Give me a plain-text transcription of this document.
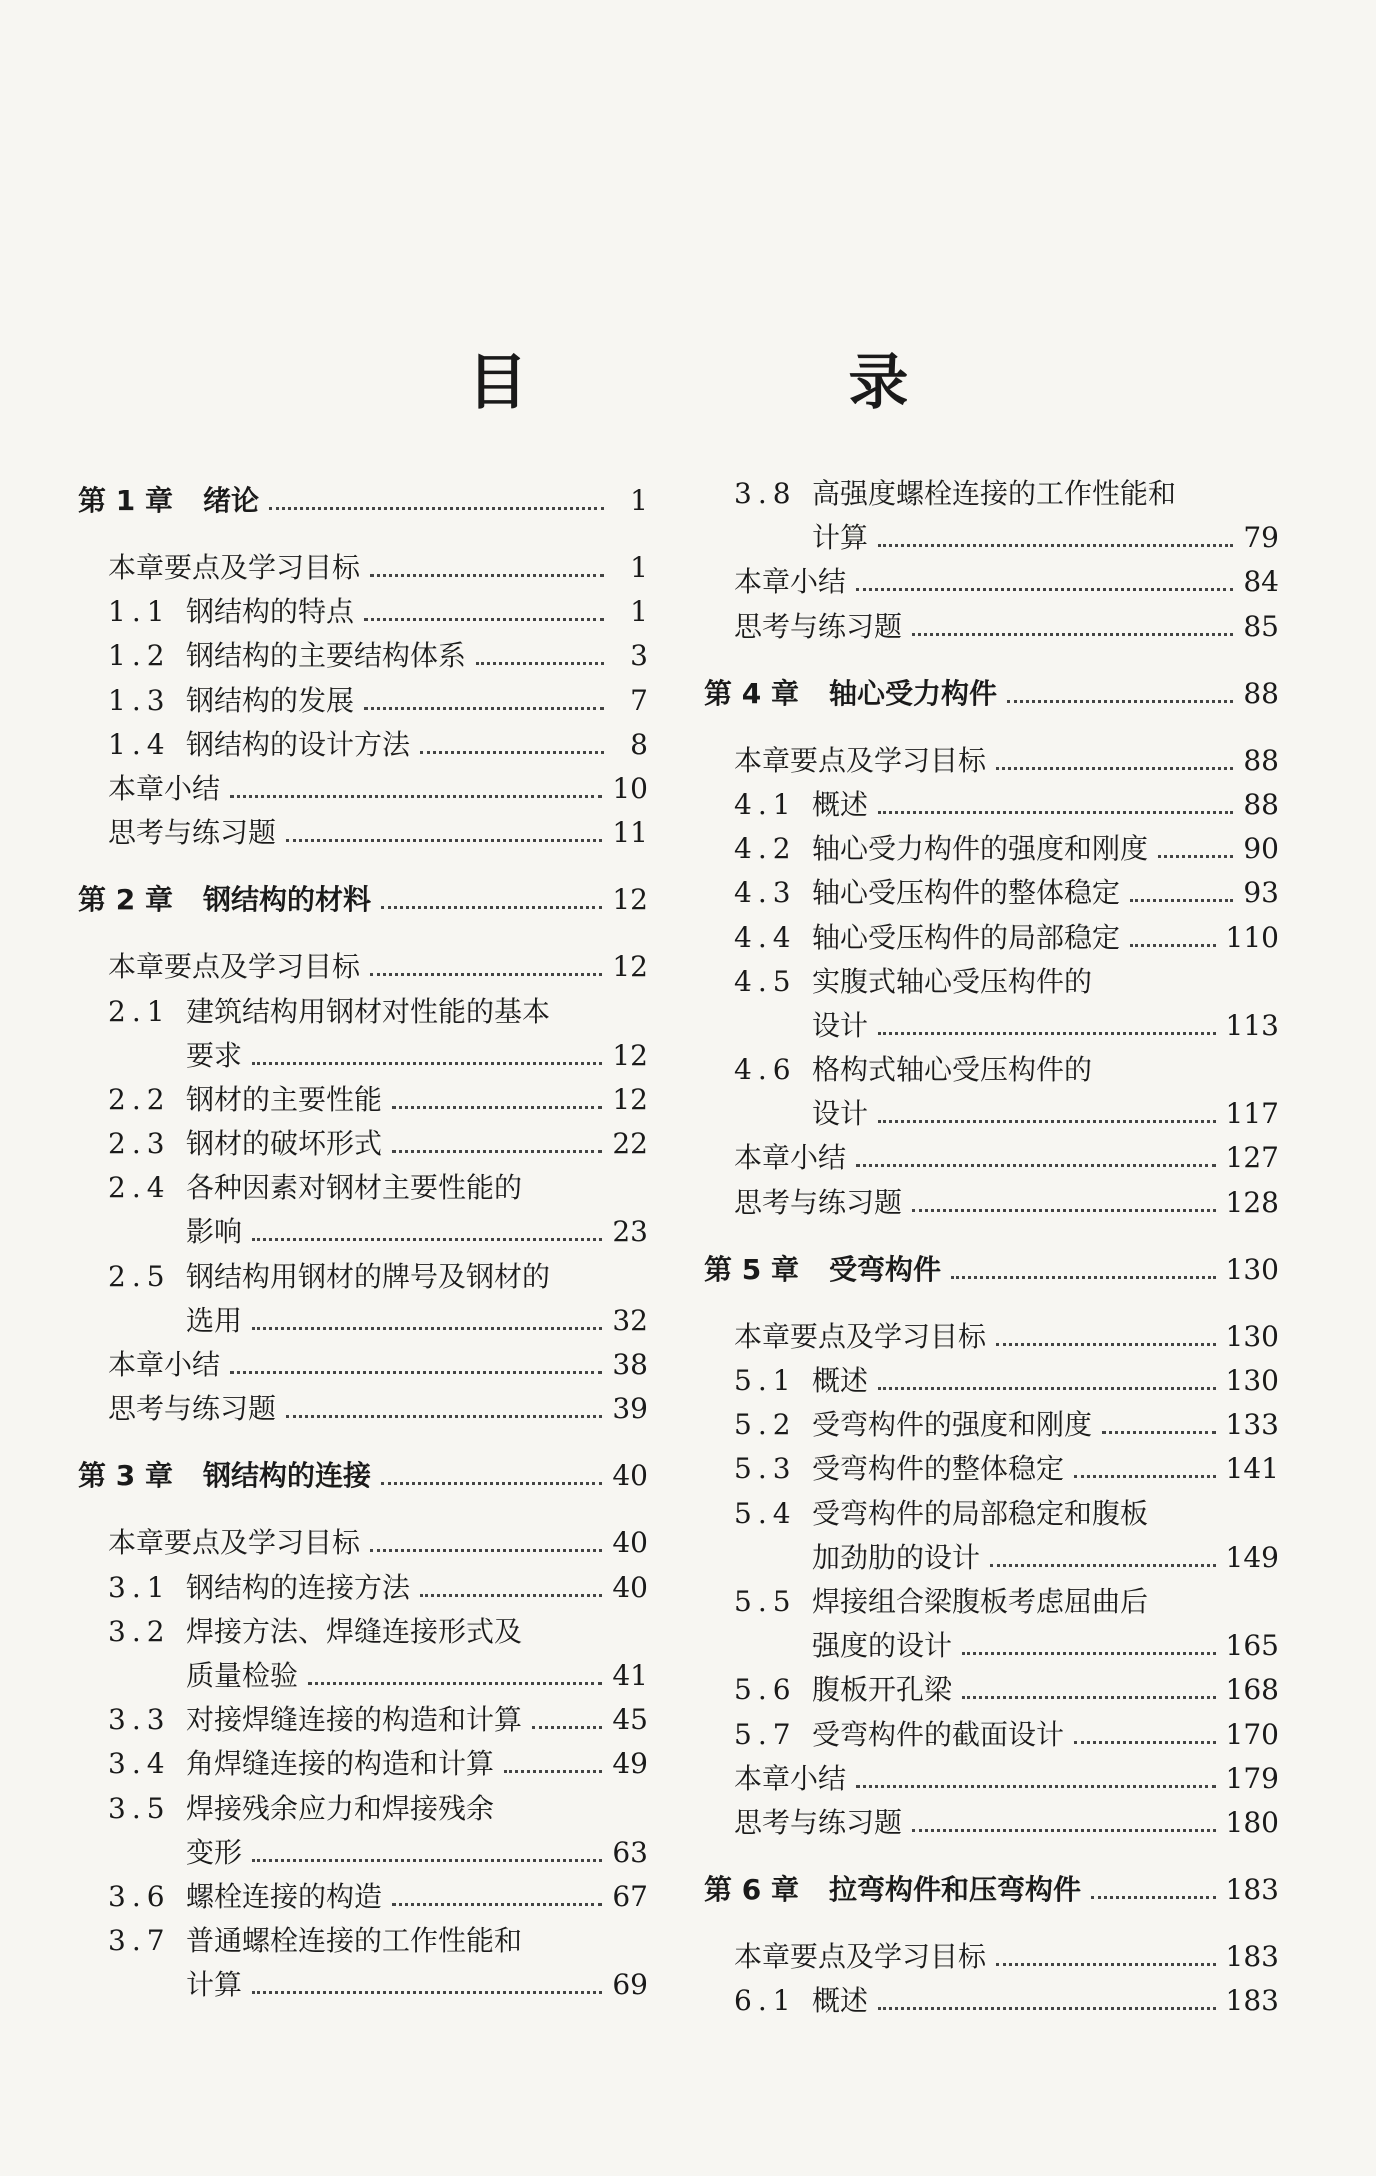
目 录
第 1 章	绪论	1
本章要点及学习目标	1
1.1 钢结构的特点	1
1.2 钢结构的主要结构体系	3
1.3 钢结构的发展	7
1.4 钢结构的设计方法	8
本章小结	10
思考与练习题	11
第 2 章	钢结构的材料	12
本章要点及学习目标	12
2.1 建筑结构用钢材对性能的基本
要求	12
2.2 钢材的主要性能	12
2.3 钢材的破坏形式	22
2.4 各种因素对钢材主要性能的
影响	23
2.5 钢结构用钢材的牌号及钢材的
选用	32
本章小结	38
思考与练习题	39
第 3 章	钢结构的连接	40
本章要点及学习目标	40
3.1 钢结构的连接方法	40
3.2 焊接方法、焊缝连接形式及
质量检验	41
3.3 对接焊缝连接的构造和计算	45
3.4 角焊缝连接的构造和计算	49
3.5 焊接残余应力和焊接残余
变形	63
3.6 螺栓连接的构造	67
3.7 普通螺栓连接的工作性能和
计算	69
3.8 高强度螺栓连接的工作性能和
计算	79
本章小结	84
思考与练习题	85
第 4 章	轴心受力构件	88
本章要点及学习目标	88
4.1 概述	88
4.2 轴心受力构件的强度和刚度	90
4.3 轴心受压构件的整体稳定	93
4.4 轴心受压构件的局部稳定	110
4.5 实腹式轴心受压构件的
设计	113
4.6 格构式轴心受压构件的
设计	117
本章小结	127
思考与练习题	128
第 5 章	受弯构件	130
本章要点及学习目标	130
5.1 概述	130
5.2 受弯构件的强度和刚度	133
5.3 受弯构件的整体稳定	141
5.4 受弯构件的局部稳定和腹板
加劲肋的设计	149
5.5 焊接组合梁腹板考虑屈曲后
强度的设计	165
5.6 腹板开孔梁	168
5.7 受弯构件的截面设计	170
本章小结	179
思考与练习题	180
第 6 章	拉弯构件和压弯构件	183
本章要点及学习目标	183
6.1 概述	183
